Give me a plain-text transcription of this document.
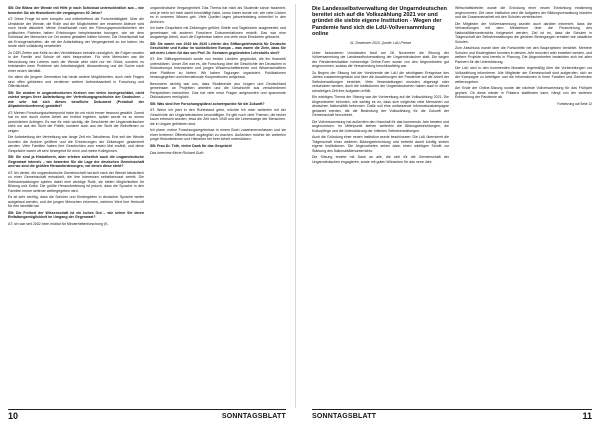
SB: Die Bilanz der Wende mit Hilfe je nach Schicksal unterschiedlich aus – wie bewertet Sie als Historikerin die vergangenen 30 Jahre?
AT: Diese Frage ist sehr komplex und mitbetreffend die Forschertätigkeit. Über die Umstände der Wende, die Rolle und die Möglichkeiten der einzelnen Akteure wird noch heute diskutiert. Meine Gesellschaft noch die Führungspersönlichkeiten der politischen Parteien haben Erfahrungen beispielsweise bezogen, wie wir dem Schicksal der Menschen vor Ort anders gestalten hätten können. Die Gesellschaft hat die Errungenschaften, die mit der Aufarbeitung der Vergangenheit zu tun haben, bis heute nicht vollständig verarbeitet.
Zu DDR-Zeiten war Kritik an den Verhältnissen beinahe unmöglich, die Folgen wurden in der Familie und Schule oft nicht besprochen. Für viele Menschen war die Neuordnung des Lebens nach der Wende aber nicht nur ein Glück, sondern es entstanden neue Probleme wie Arbeitslosigkeit, Abwanderung und die Suche nach einer neuen Identität.
Vor allem die jüngere Generation hat heute andere Möglichkeiten, doch viele Fragen sind offen geblieben und verdienen weitere Aufmerksamkeit in Forschung und Öffentlichkeit.
SB: Sie wurden in ungarndeutschen Kreisen von vielen hochgeschätzt, nicht zuletzt wegen Ihrer Aufarbeitung der Vertreibungsgeschichte der Deutschen – wie sehr hat sich dieses berufliche Dokument (Protokoll der Altparteienkonferenz) gestaltet?
AT: Meinen Forschungsschwerpunkt habe ich mir nicht immer bewusst gewählt. Zuerst hat es sich durch meine Arbeit am Institut ergeben, später wurde es zu einem persönlichen Anliegen. Es war für mich wichtig, die Geschichte der Ungarndeutschen nicht nur aus der Sicht der Politik, sondern auch aus der Sicht der Betroffenen zu zeigen.
Die Aufarbeitung der Vertreibung war lange Zeit ein Tabuthema. Erst seit der Wende konnten die Archive geöffnet und die Erinnerungen der Zeitzeugen gesammelt werden. Viele Familien haben ihre Geschichten zum ersten Mal erzählt, und diese Gespräche waren oft sehr bewegend für mich und meine Kolleginnen.
SB: Sie sind ja Historikerin, aber erleben sicherlich auch die ungarndeutsche Gegenwart intensiv – wie bewerten Sie die Lage der deutschen Gemeinschaft und wo sind die größten Herausforderungen, vor denen diese steht?
AT: Ich denke, die ungarndeutsche Gemeinschaft hat sich nach der Wende tatsächlich zu einer Gemeinschaft entwickelt, die ihre Interessen selbstbewusst vertritt. Die Selbstverwaltungen spielen dabei eine wichtige Rolle, sie bieten Möglichkeiten für Bildung und Kultur. Die größte Herausforderung ist jedoch, dass die Sprache in den Familien immer seltener weitergegeben wird.
Es ist sehr wichtig, dass die Schulen und Kindergärten in deutscher Sprache weiter ausgebaut werden, und die jungen Menschen erkennen, welchen Wert ihre Herkunft für ihre Identität hat.
SB: Die Freiheit der Wissenschaft ist ein hohes Gut – wie sehen Sie deren Entfaltungsmöglichkeit im Umgang der Gegenwart?
AT: Ich war seit 2002 beim Institut für Minderheitenforschung (K-
ungarndeutsche Vergangenheit. Das Thema hat mich als Studentin schon fasziniert, und je mehr ich mich damit beschäftigt habe, umso klarer wurde mir, wie viele Lücken es in unserem Wissen gab. Viele Quellen lagen jahrzehntelang unberührt in den Archiven.
Ich habe Gespräche mit Zeitzeugen geführt, Briefe und Tagebücher ausgewertet, und gemeinsam mit anderen Forschern Dokumentationen erstellt. Das war eine langwierige Arbeit, doch die Ergebnisse haben uns viele neue Einsichten gebracht.
SB: Sie waren von 2015 bis 2020 Leiterin des Stiftungslehrstuhls für Deutsche Geschichte und Kultur im südöstlichen Europa – was waren die Ziele, dass Sie mit mehr Leben für das von Prof. Dr. Seewann gegründeten Lehrstuhls sind?
AT: Der Stiftungslehrstuhl wurde von beiden Ländern gegründet, die ihn finanziell unterstützen. Unser Ziel war es, die Forschung über die Geschichte der Deutschen in Südosteuropa fortzusetzen und jungen Wissenschaftlerinnen und Wissenschaftlern eine Plattform zu bieten. Wir haben Tagungen organisiert, Publikationen herausgegeben und internationale Kooperationen aufgebaut.
Besonders wichtig war uns, dass Studierende aus Ungarn und Deutschland gemeinsam an Projekten arbeiten und die Geschichte aus verschiedenen Perspektiven betrachten. Das hat viele neue Fragen aufgeworfen und spannende Diskussionen ermöglicht.
SB: Was sind Ihre Forschungspläne/-schwerpunkte für die Zukunft?
AT: Wenn ich jetzt in den Ruhestand gehe, möchte ich mich weiterhin mit der Geschichte der Ungarndeutschen beschäftigen. Es gibt noch viele Themen, die bisher kaum erforscht wurden, etwa die Zeit nach 1945 und die Lebenswege der Menschen, die in Ungarn geblieben sind.
Ich plane, meine Forschungsergebnisse in einem Buch zusammenzufassen und sie einer breiteren Öffentlichkeit zugänglich zu machen. Außerdem möchte ich weiterhin junge Historikerinnen und Historiker bei ihrer Arbeit unterstützen.
SB: Frau Dr. Tóth, vielen Dank für das Gespräch!
Das Interview führte Richard Guth
10	SONNTAGSBLATT
Die Landesselbstverwaltung der Ungarndeutschen bereitet sich auf die Volkszählung 2021 vor und gründet die siebte eigene Institution - Wegen der Pandemie fand sich die LdU-Vollversammlung online
31. Dezember 2020, Quelle: LdU-Presse
Unter besonderen Umständen fand am 28. November die Sitzung der Vollversammlung der Landesselbstverwaltung der Ungarndeutschen statt. Die wegen der Pandemiesituation notwendige Online-Form wurde von den Abgeordneten gut angenommen, sodass die Versammlung beschlussfähig war.
Zu Beginn der Sitzung hat der Vorsitzende der LdU die wichtigsten Ereignisse des Jahres zusammengefasst und über die Auswirkungen der Pandemie auf die Arbeit der Selbstverwaltungen berichtet. Viele Veranstaltungen mussten abgesagt oder verschoben werden, doch die Institutionen der Ungarndeutschen haben auch in dieser schwierigen Zeit ihre Aufgaben erfüllt.
Ein wichtiges Thema der Sitzung war die Vorbereitung auf die Volkszählung 2021. Die Abgeordneten betonten, wie wichtig es ist, dass sich möglichst viele Menschen zur deutschen Nationalität bekennen. Dafür soll eine umfassende Informationskampagne gestartet werden, die die Bedeutung der Volkszählung für die Zukunft der Gemeinschaft hervorhebt.
Die Vollversammlung hat außerdem den Haushalt für das kommende Jahr beraten und angenommen. Im Mittelpunkt stehen weiterhin die Bildungseinrichtungen, die Kulturpflege und die Unterstützung der örtlichen Selbstverwaltungen.
Auch die Gründung einer neuen Institution wurde beschlossen: Die LdU übernimmt die Trägerschaft einer weiteren Bildungseinrichtung und betreibt damit künftig sieben eigene Institutionen. Die Abgeordneten sehen darin einen wichtigen Schritt zur Stärkung des Nationalitätenunterrichts.
Die Sitzung endete mit Dank an alle, die sich für die Gemeinschaft der Ungarndeutschen engagieren, sowie mit guten Wünschen für das neue Jahr.
Wirtschaftsbetrieb wurde die Gründung einer neuen Einrichtung einstimmig angenommen. Die neue Institution wird die Aufgaben der Bildungsverwaltung bündeln und die Zusammenarbeit mit den Schulen vereinfachen.
Die Mitglieder der Vollversammlung wurden auch darüber informiert, dass die Verhandlungen mit dem Ministerium über die Finanzierung des Nationalitätenunterrichts fortgesetzt werden. Ziel ist es, dass die Schulen in Trägerschaft der Selbstverwaltungen die gleichen Bedingungen erhalten wie staatliche Schulen.
Zum Abschluss wurde über die Fortschritte bei den Bauprojekten berichtet. Mehrere Schulen und Kindergärten konnten in diesem Jahr renoviert oder erweitert werden, und weitere Projekte sind bereits in Planung. Die Abgeordneten bedankten sich bei allen Partnern für die Unterstützung.
Die LdU wird in den kommenden Monaten regelmäßig über die Vorbereitungen zur Volkszählung informieren. Alle Mitglieder der Gemeinschaft sind aufgerufen, sich an der Kampagne zu beteiligen und die Informationen in ihren Familien und Gemeinden weiterzugeben.
Am Ende der Online-Sitzung wurde die nächste Vollversammlung für das Frühjahr geplant. Ob diese wieder in Präsenz stattfinden kann, hängt von der weiteren Entwicklung der Pandemie ab.
Fortsetzung auf Seite 12
SONNTAGSBLATT	11
